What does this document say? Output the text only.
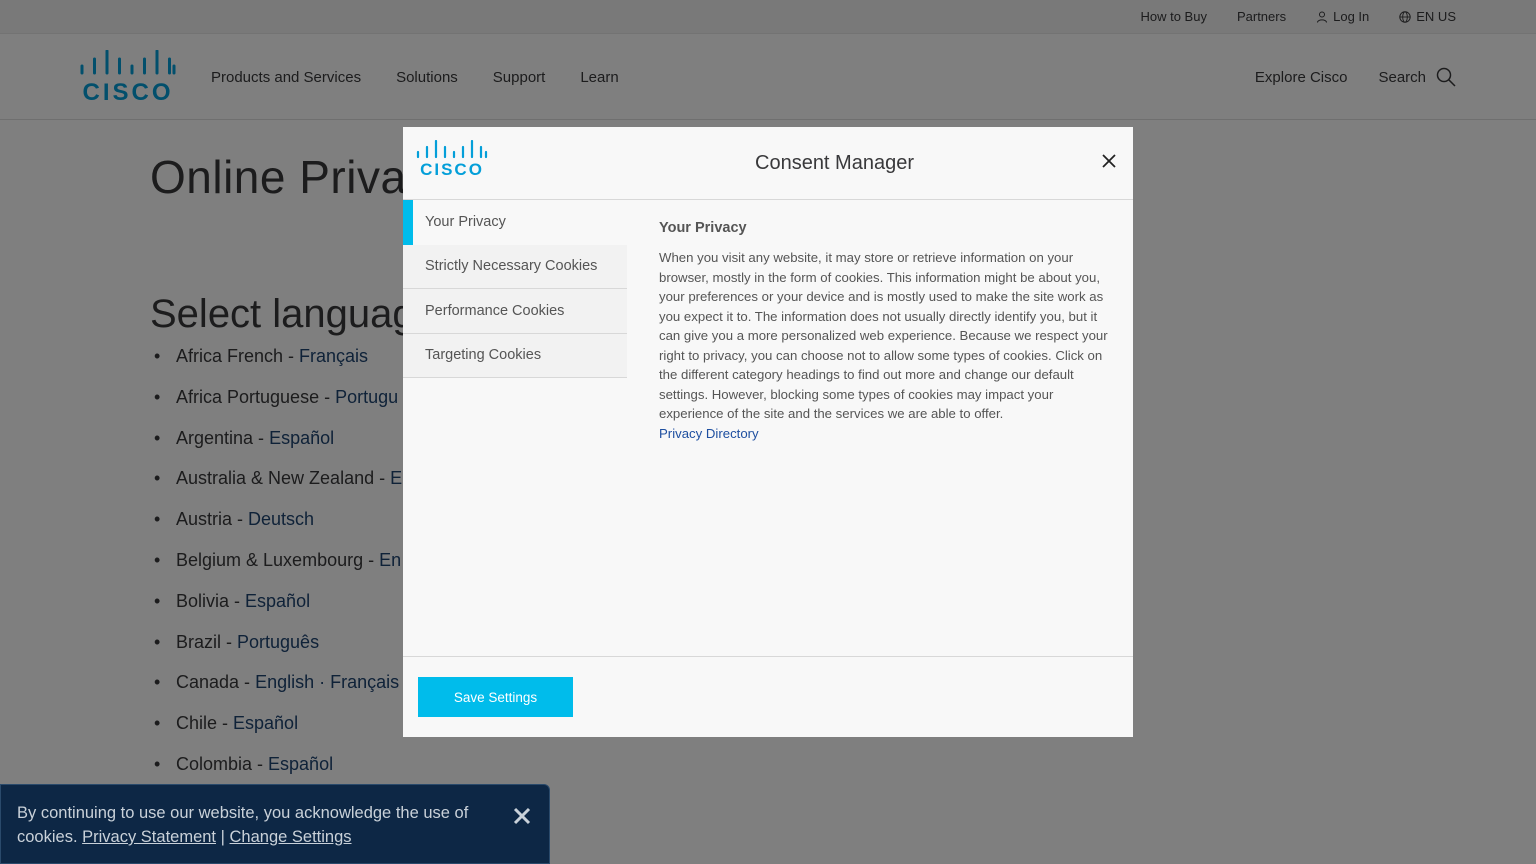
•
•
•
•
•
•
•
•
•
•
•
CISCO	Consent Manager
Your Privacy
Strictly Necessary Cookies
Performance Cookies
Targeting Cookies
Your Privacy
When you visit any website, it may store or retrieve information on your browser, mostly in the form of cookies. This information might be about you, your preferences or your device and is mostly used to make the site work as you expect it to. The information does not usually directly identify you, but it can give you a more personalized web experience. Because we respect your right to privacy, you can choose not to allow some types of cookies. Click on the different category headings to find out more and change our default settings. However, blocking some types of cookies may impact your experience of the site and the services we are able to offer.
Privacy Directory
Save Settings
By continuing to use our website, you acknowledge the use of cookies. Privacy Statement | Change Settings
